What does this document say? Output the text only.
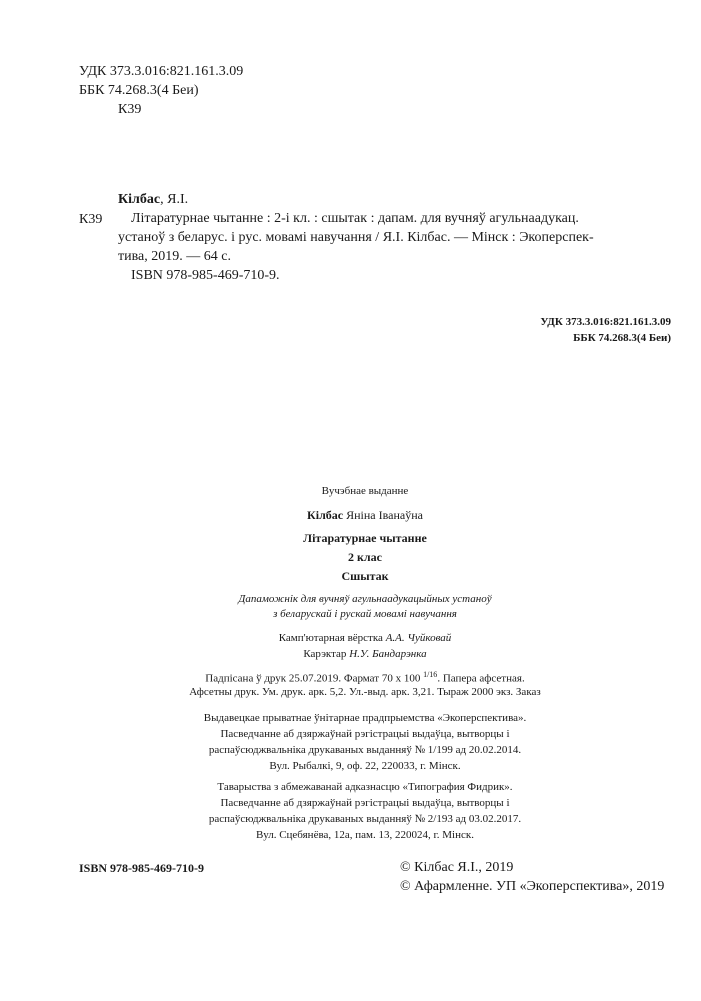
УДК 373.3.016:821.161.3.09
ББК 74.268.3(4 Беи)
К39
Кілбас, Я.І.
К39 Літаратурнае чытанне : 2-і кл. : сшытак : дапам. для вучняў агульнаадукац.
устаноў з беларус. і рус. мовамі навучання / Я.І. Кілбас. — Мінск : Экоперспек-
тива, 2019. — 64 с.
ISBN 978-985-469-710-9.
УДК 373.3.016:821.161.3.09
ББК 74.268.3(4 Беи)
Вучэбнае выданне
Кілбас Яніна Іванаўна
Літаратурнае чытанне
2 клас
Сшытак
Дапаможнік для вучняў агульнаадукацыйных устаноў
з беларускай і рускай мовамі навучання
Камп'ютарная вёрстка А.А. Чуйковай
Карэктар Н.У. Бандарэнка
Падпісана ў друк 25.07.2019. Фармат 70 х 100 $^{1/16}$. Папера афсетная.
Афсетны друк. Ум. друк. арк. 5,2. Ул.-выд. арк. 3,21. Тыраж 2000 экз. Заказ
Выдавецкае прыватнае ўнітарнае прадпрыемства «Экоперспектива».
Пасведчанне аб дзяржаўнай рэгістрацыі выдаўца, вытворцы і
распаўсюджвальніка друкаваных выданняў № 1/199 ад 20.02.2014.
Вул. Рыбалкі, 9, оф. 22, 220033, г. Мінск.
Таварыства з абмежаванай адказнасцю «Типография Фидрик».
Пасведчанне аб дзяржаўнай рэгістрацыі выдаўца, вытворцы і
распаўсюджвальніка друкаваных выданняў № 2/193 ад 03.02.2017.
Вул. Сцебянёва, 12а, пам. 13, 220024, г. Мінск.
ISBN 978-985-469-710-9	© Кілбас Я.І., 2019
© Афармленне. УП «Экоперспектива», 2019
